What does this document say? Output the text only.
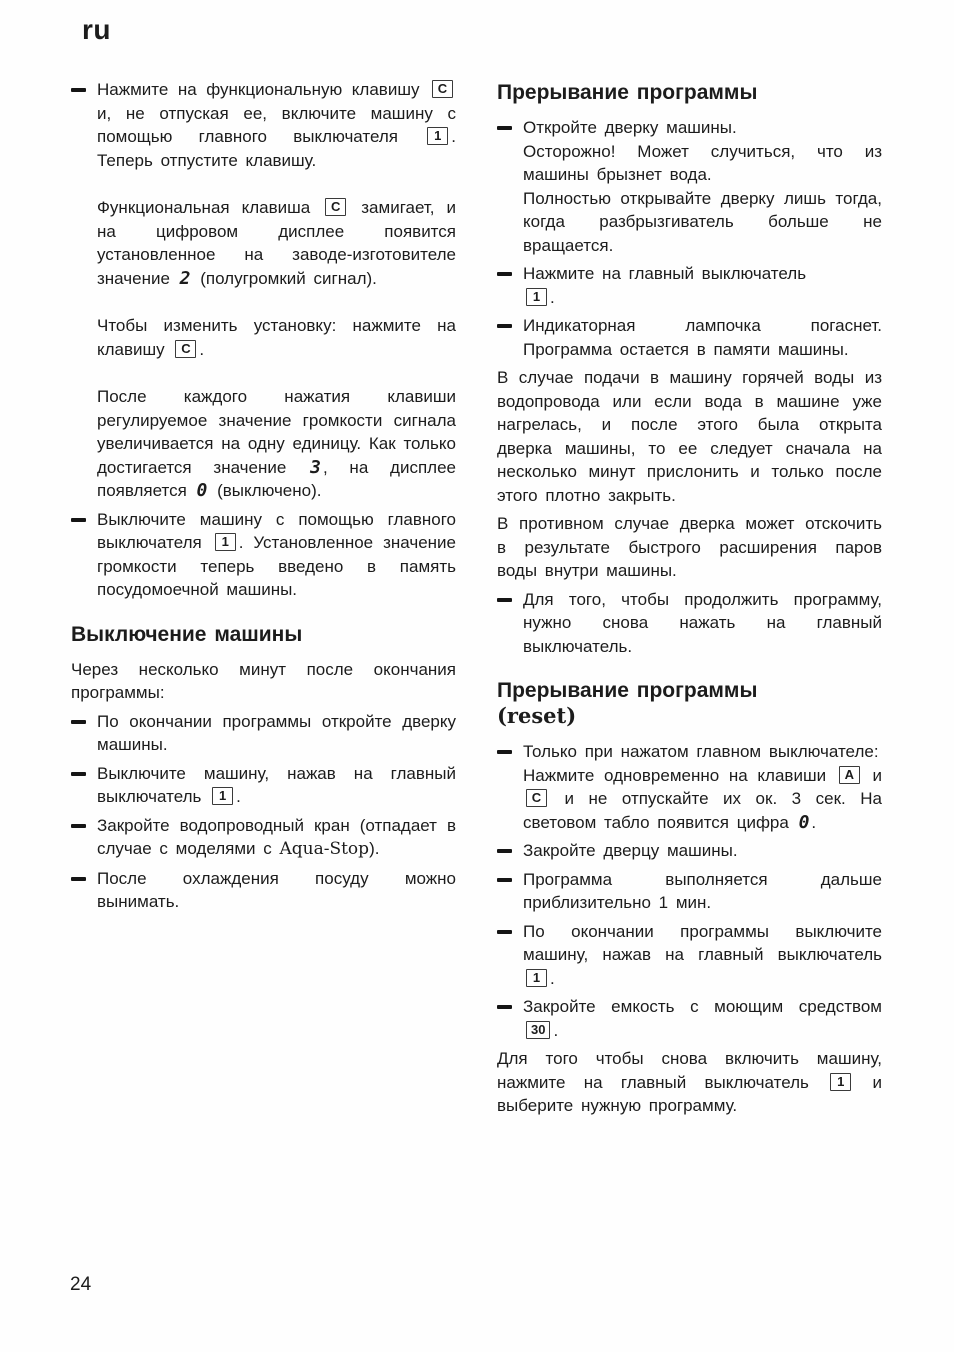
ru
Нажмите на функциональную клавишу C и, не отпуская ее, включите машину с помощью главного выключателя 1 . Теперь отпустите клавишу.
Функциональная клавиша C замигает, и на цифровом дисплее появится установленное на заводе-изготовителе значение 2 (полугромкий сигнал).
Чтобы изменить установку: нажмите на клавишу C .
После каждого нажатия клавиши регулируемое значение громкости сигнала увеличивается на одну единицу. Как только достигается значение 3 , на дисплее появляется 0 (выключено).
Выключите машину с помощью главного выключателя 1 . Установленное значение громкости теперь введено в память посудомоечной машины.
Выключение машины
Через несколько минут после окончания программы:
По окончании программы откройте дверку машины.
Выключите машину, нажав на главный выключатель 1 .
Закройте водопроводный кран (отпадает в случае с моделями с Aqua-Stop).
После охлаждения посуду можно вынимать.
Прерывание программы
Откройте дверку машины.
Осторожно! Может случиться, что из машины брызнет вода.
Полностью открывайте дверку лишь тогда, когда разбрызгиватель больше не вращается.
Нажмите на главный выключатель
1 .
Индикаторная лампочка погаснет. Программа остается в памяти машины.
В случае подачи в машину горячей воды из водопровода или если вода в машине уже нагрелась, и после этого была открыта дверка машины, то ее следует сначала на несколько минут прислонить и только после этого плотно закрыть.
В противном случае дверка может отскочить в результате быстрого расширения паров воды внутри машины.
Для того, чтобы продолжить программу, нужно снова нажать на главный выключатель.
Прерывание программы
(reset)
Только при нажатом главном выключателе:
Нажмите одновременно на клавиши A и C и не отпускайте их ок. 3 сек. На световом табло появится цифра 0 .
Закройте дверцу машины.
Программа выполняется дальше приблизительно 1 мин.
По окончании программы выключите машину, нажав на главный выключатель 1 .
Закройте емкость с моющим средством 30 .
Для того чтобы снова включить машину, нажмите на главный выключатель 1 и выберите нужную программу.
24
